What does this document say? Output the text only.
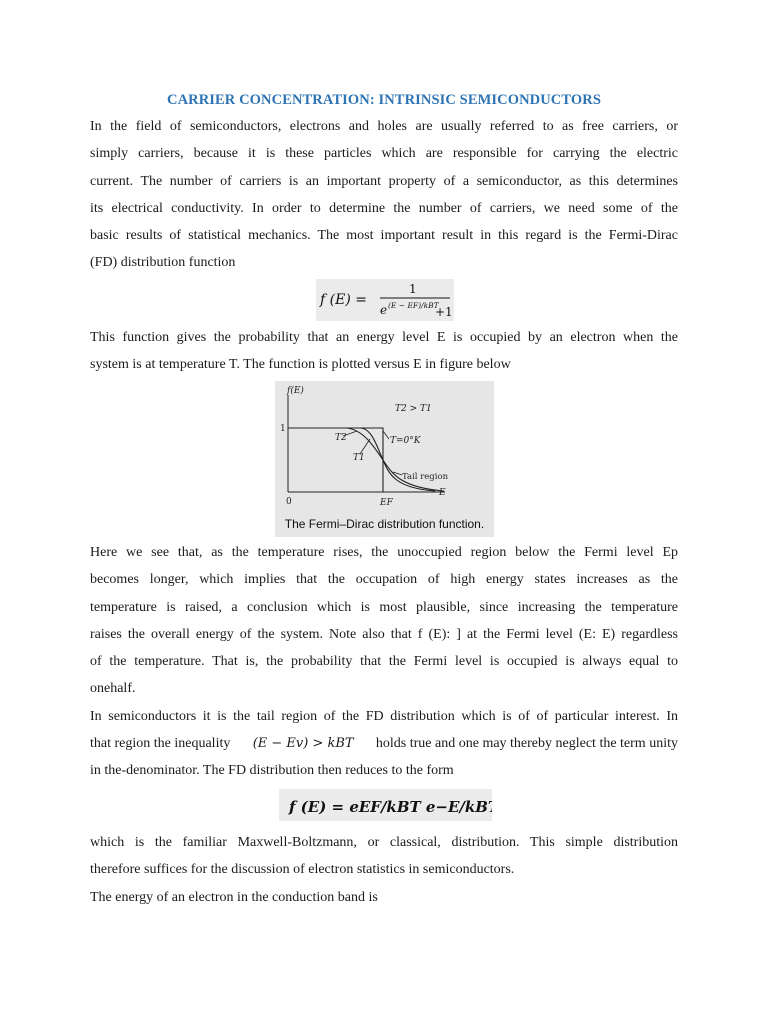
CARRIER CONCENTRATION: INTRINSIC SEMICONDUCTORS
In the field of semiconductors, electrons and holes are usually referred to as free carriers, or
simply carriers, because it is these particles which are responsible for carrying the electric
current. The number of carriers is an important property of a semiconductor, as this determines
its electrical conductivity. In order to determine the number of carriers, we need some of the
basic results of statistical mechanics. The most important result in this regard is the Fermi-Dirac
(FD) distribution function
f (E) =
1
e (E − EF)/kBT
+1
This function gives the probability that an energy level E is occupied by an electron when the
system is at temperature T. The function is plotted versus E in figure below
f(E)
1
0
E
EF
T2 > T1
T2
T1
T=0°K
Tail region
The Fermi–Dirac distribution function.
Here we see that, as the temperature rises, the unoccupied region below the Fermi level Ep
becomes longer, which implies that the occupation of high energy states increases as the
temperature is raised, a conclusion which is most plausible, since increasing the temperature
raises the overall energy of the system. Note also that f (E): ] at the Fermi level (E: E) regardless
of the temperature. That is, the probability that the Fermi level is occupied is always equal to
onehalf.
In semiconductors it is the tail region of the FD distribution which is of of particular interest. In
that region the inequality (E − Ev) > kBT holds true and one may thereby neglect the term unity
in the-denominator. The FD distribution then reduces to the form
f (E) = eEF/kBT e−E/kBT
which is the familiar Maxwell-Boltzmann, or classical, distribution. This simple distribution
therefore suffices for the discussion of electron statistics in semiconductors.
The energy of an electron in the conduction band is
